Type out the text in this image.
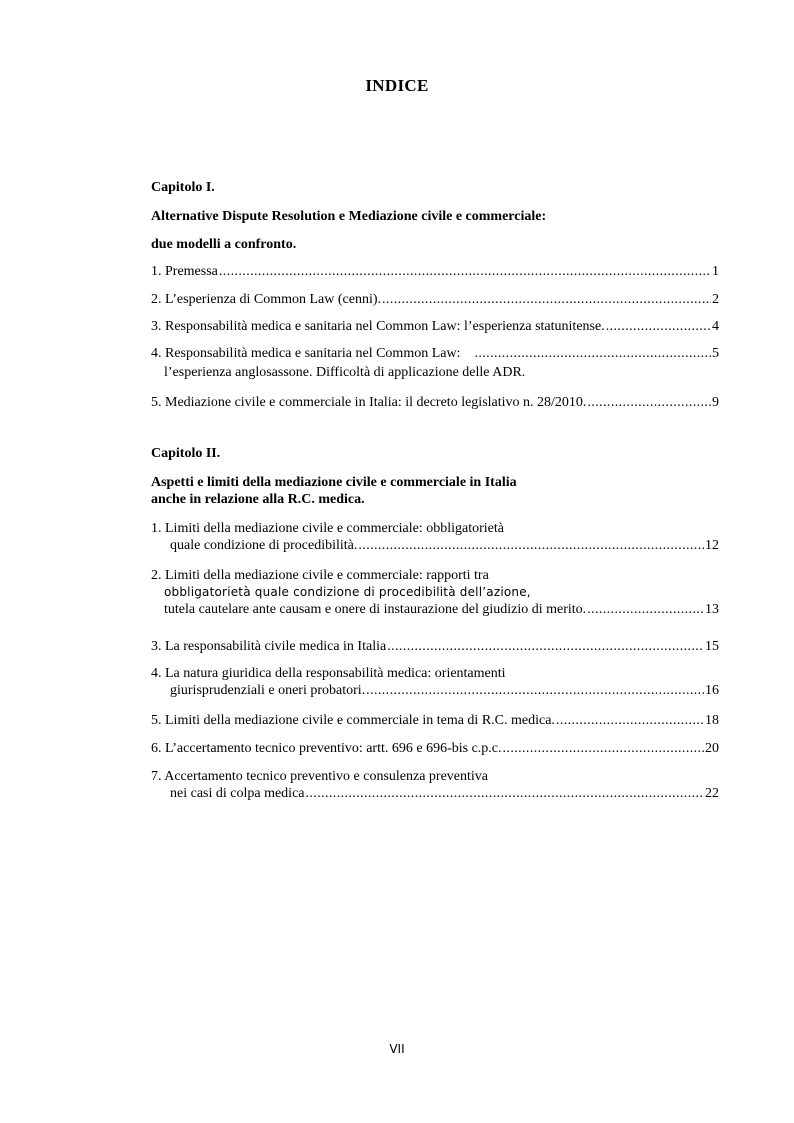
INDICE
Capitolo I.
Alternative Dispute Resolution e Mediazione civile e commerciale:
due modelli a confronto.
1. Premessa .....	1
2. L’esperienza di Common Law (cenni). .....	2
3. Responsabilità medica e sanitaria nel Common Law: l’esperienza statunitense. .....	4
4. Responsabilità medica e sanitaria nel Common Law: .....	5
l’esperienza anglosassone. Difficoltà di applicazione delle ADR.
5. Mediazione civile e commerciale in Italia: il decreto legislativo n. 28/2010. .....	9
Capitolo II.
Aspetti e limiti della mediazione civile e commerciale in Italia
anche in relazione alla R.C. medica.
1. Limiti della mediazione civile e commerciale: obbligatorietà
quale condizione di procedibilità. .....	12
2. Limiti della mediazione civile e commerciale: rapporti tra
obbligatorietà quale condizione di procedibilità dell’azione,
tutela cautelare ante causam e onere di instaurazione del giudizio di merito. .....	13
3. La responsabilità civile medica in Italia .....	15
4. La natura giuridica della responsabilità medica: orientamenti
giurisprudenziali e oneri probatori. .....	16
5. Limiti della mediazione civile e commerciale in tema di R.C. medica. .....	18
6. L’accertamento tecnico preventivo: artt. 696 e 696-bis c.p.c. .....	20
7. Accertamento tecnico preventivo e consulenza preventiva
nei casi di colpa medica .....	22
VII
